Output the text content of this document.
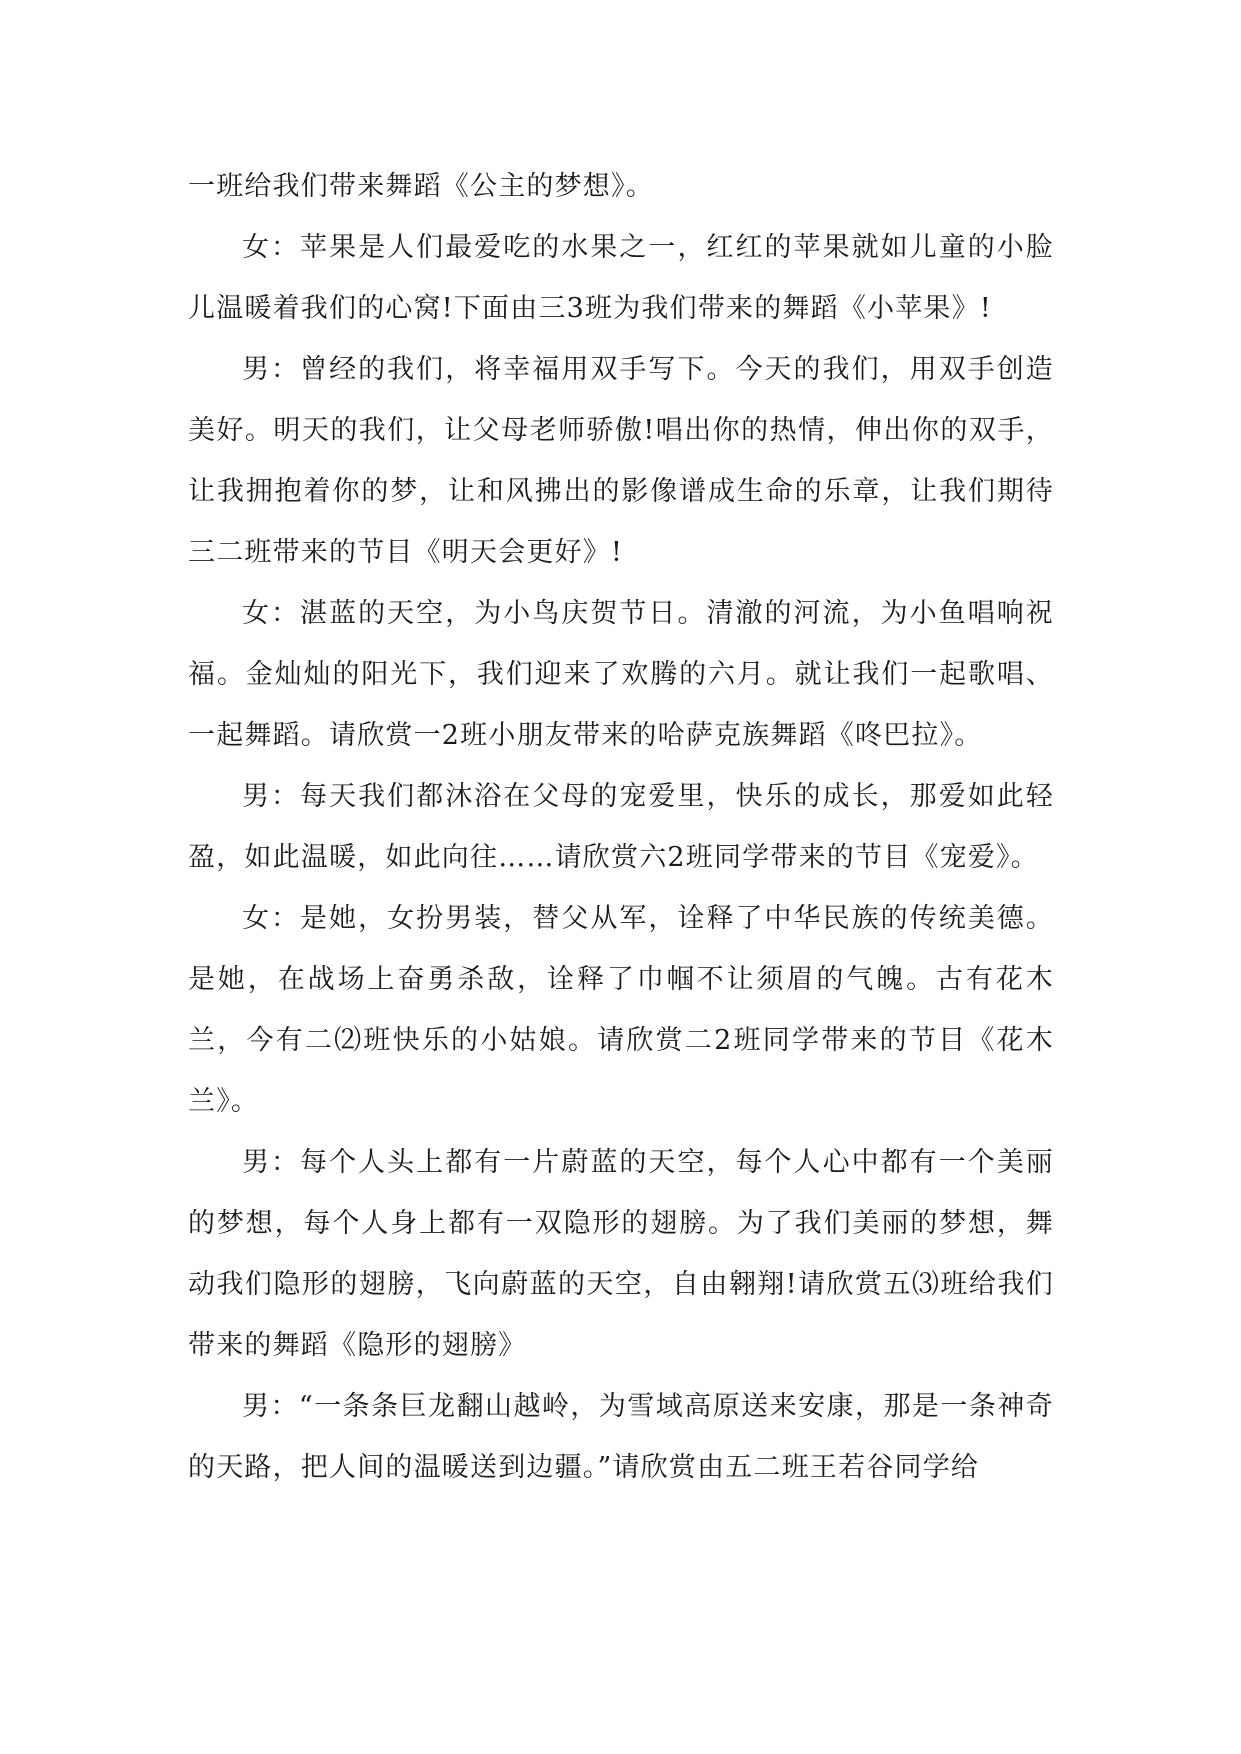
一班给我们带来舞蹈《公主的梦想》。

女：苹果是人们最爱吃的水果之一，红红的苹果就如儿童的小脸儿温暖着我们的心窝!下面由三3班为我们带来的舞蹈《小苹果》!

男：曾经的我们，将幸福用双手写下。今天的我们，用双手创造美好。明天的我们，让父母老师骄傲!唱出你的热情，伸出你的双手，让我拥抱着你的梦，让和风拂出的影像谱成生命的乐章，让我们期待三二班带来的节目《明天会更好》!

女：湛蓝的天空，为小鸟庆贺节日。清澈的河流，为小鱼唱响祝福。金灿灿的阳光下，我们迎来了欢腾的六月。就让我们一起歌唱、一起舞蹈。请欣赏一2班小朋友带来的哈萨克族舞蹈《咚巴拉》。

男：每天我们都沐浴在父母的宠爱里，快乐的成长，那爱如此轻盈，如此温暖，如此向往……请欣赏六2班同学带来的节目《宠爱》。

女：是她，女扮男装，替父从军，诠释了中华民族的传统美德。是她，在战场上奋勇杀敌，诠释了巾帼不让须眉的气魄。古有花木兰，今有二⑵班快乐的小姑娘。请欣赏二2班同学带来的节目《花木兰》。

男：每个人头上都有一片蔚蓝的天空，每个人心中都有一个美丽的梦想，每个人身上都有一双隐形的翅膀。为了我们美丽的梦想，舞动我们隐形的翅膀，飞向蔚蓝的天空，自由翱翔!请欣赏五⑶班给我们带来的舞蹈《隐形的翅膀》

男：“一条条巨龙翻山越岭，为雪域高原送来安康，那是一条神奇的天路，把人间的温暖送到边疆。”请欣赏由五二班王若谷同学给
